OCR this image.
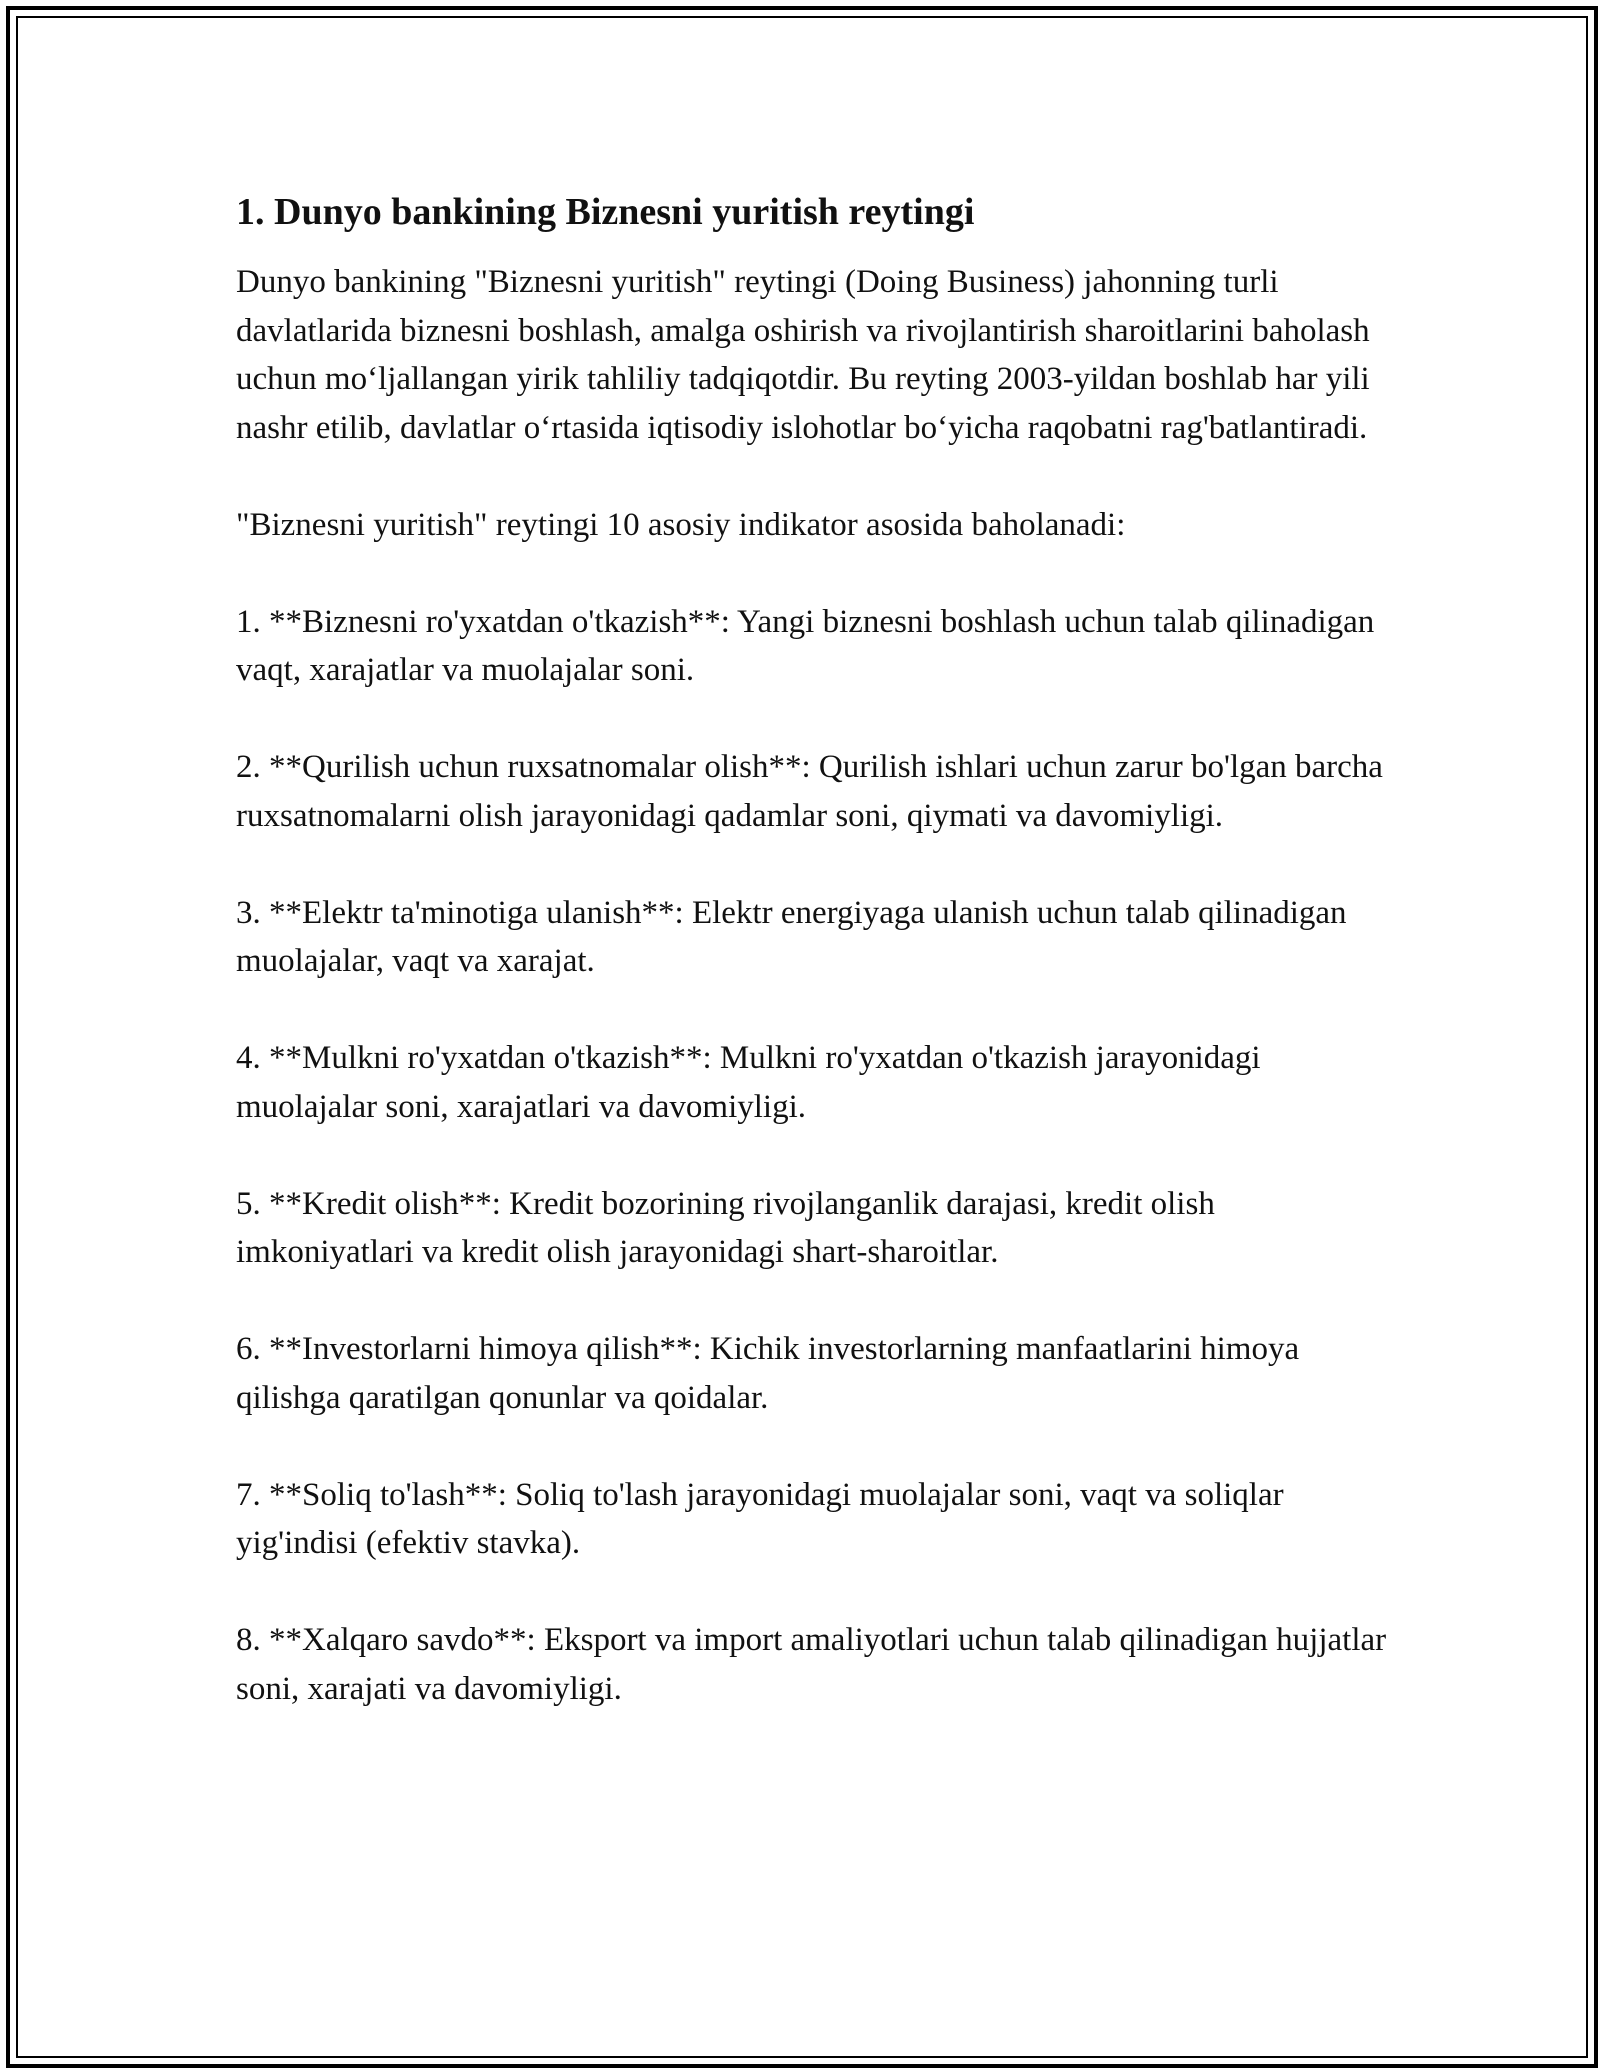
1. Dunyo bankining Biznesni yuritish reytingi

Dunyo bankining "Biznesni yuritish" reytingi (Doing Business) jahonning turli davlatlarida biznesni boshlash, amalga oshirish va rivojlantirish sharoitlarini baholash uchun mo‘ljallangan yirik tahliliy tadqiqotdir. Bu reyting 2003-yildan boshlab har yili nashr etilib, davlatlar o‘rtasida iqtisodiy islohotlar bo‘yicha raqobatni rag'batlantiradi.

"Biznesni yuritish" reytingi 10 asosiy indikator asosida baholanadi:

1. **Biznesni ro'yxatdan o'tkazish**: Yangi biznesni boshlash uchun talab qilinadigan vaqt, xarajatlar va muolajalar soni.

2. **Qurilish uchun ruxsatnomalar olish**: Qurilish ishlari uchun zarur bo'lgan barcha ruxsatnomalarni olish jarayonidagi qadamlar soni, qiymati va davomiyligi.

3. **Elektr ta'minotiga ulanish**: Elektr energiyaga ulanish uchun talab qilinadigan muolajalar, vaqt va xarajat.

4. **Mulkni ro'yxatdan o'tkazish**: Mulkni ro'yxatdan o'tkazish jarayonidagi muolajalar soni, xarajatlari va davomiyligi.

5. **Kredit olish**: Kredit bozorining rivojlanganlik darajasi, kredit olish imkoniyatlari va kredit olish jarayonidagi shart-sharoitlar.

6. **Investorlarni himoya qilish**: Kichik investorlarning manfaatlarini himoya qilishga qaratilgan qonunlar va qoidalar.

7. **Soliq to'lash**: Soliq to'lash jarayonidagi muolajalar soni, vaqt va soliqlar yig'indisi (efektiv stavka).

8. **Xalqaro savdo**: Eksport va import amaliyotlari uchun talab qilinadigan hujjatlar soni, xarajati va davomiyligi.
